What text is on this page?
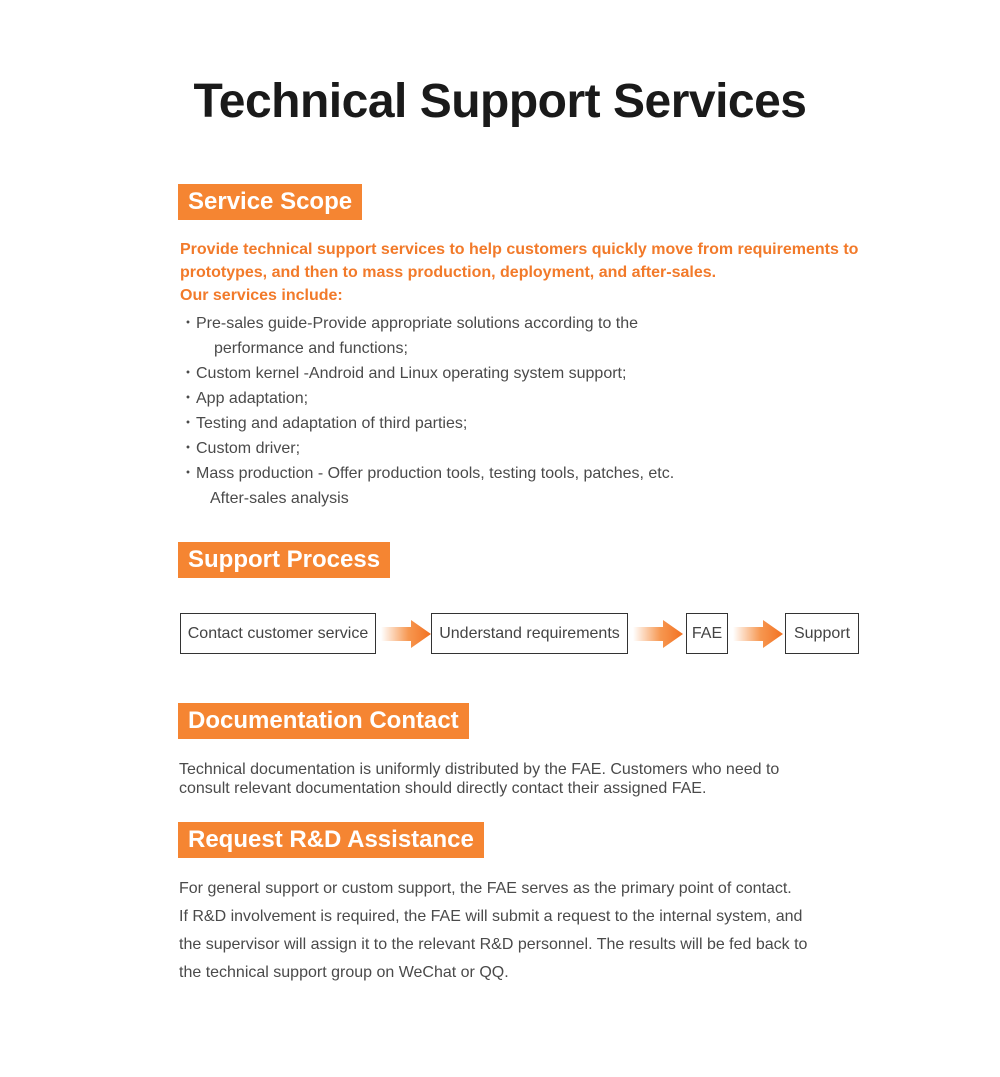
Technical Support Services
Service Scope
Provide technical support services to help customers quickly move from requirements to
prototypes, and then to mass production, deployment, and after-sales.
Our services include:
・ Pre-sales guide-Provide appropriate solutions according to the
performance and functions;
・ Custom kernel -Android and Linux operating system support;
・ App adaptation;
・ Testing and adaptation of third parties;
・ Custom driver;
・ Mass production - Offer production tools, testing tools, patches, etc.
After-sales analysis
Support Process
Contact customer service	Understand requirements	FAE	Support
Documentation Contact
Technical documentation is uniformly distributed by the FAE. Customers who need to
consult relevant documentation should directly contact their assigned FAE.
Request R&D Assistance
For general support or custom support, the FAE serves as the primary point of contact.
If R&D involvement is required, the FAE will submit a request to the internal system, and
the supervisor will assign it to the relevant R&D personnel. The results will be fed back to
the technical support group on WeChat or QQ.
